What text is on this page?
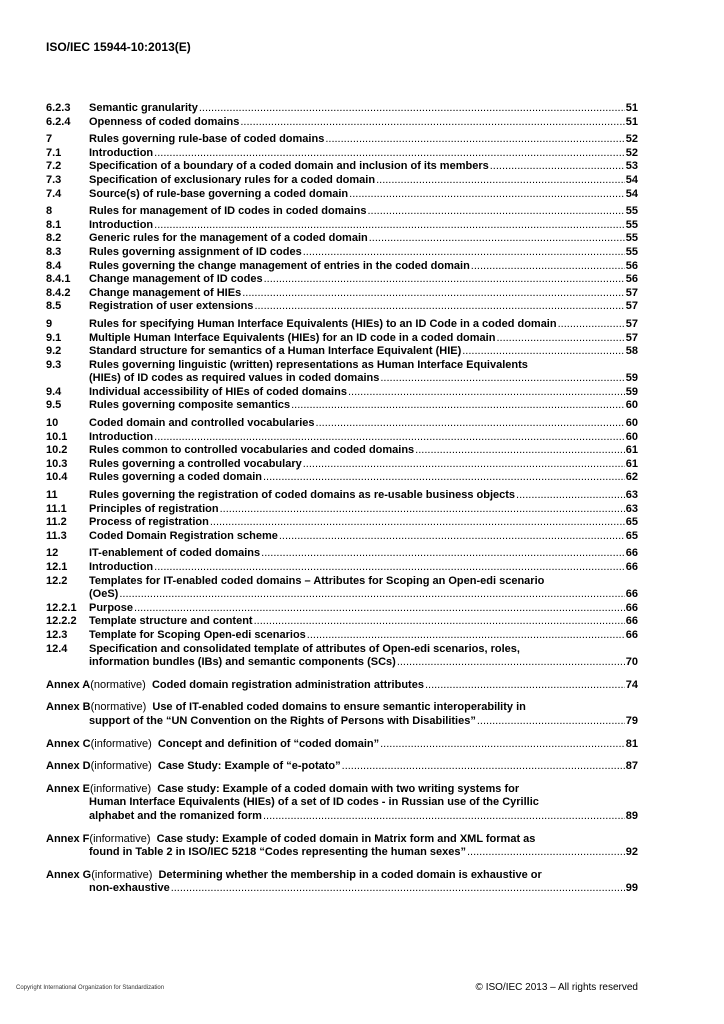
ISO/IEC 15944-10:2013(E)
6.2.3	Semantic granularity .....	51
6.2.4	Openness of coded domains .....	51
7	Rules governing rule-base of coded domains .....	52
7.1	Introduction .....	52
7.2	Specification of a boundary of a coded domain and inclusion of its members .....	53
7.3	Specification of exclusionary rules for a coded domain .....	54
7.4	Source(s) of rule-base governing a coded domain .....	54
8	Rules for management of ID codes in coded domains .....	55
8.1	Introduction .....	55
8.2	Generic rules for the management of a coded domain .....	55
8.3	Rules governing assignment of ID codes .....	55
8.4	Rules governing the change management of entries in the coded domain .....	56
8.4.1	Change management of ID codes .....	56
8.4.2	Change management of HIEs .....	57
8.5	Registration of user extensions .....	57
9	Rules for specifying Human Interface Equivalents (HIEs) to an ID Code in a coded domain .....	57
9.1	Multiple Human Interface Equivalents (HIEs) for an ID code in a coded domain .....	57
9.2	Standard structure for semantics of a Human Interface Equivalent (HIE) .....	58
9.3	Rules governing linguistic (written) representations as Human Interface Equivalents
(HIEs) of ID codes as required values in coded domains .....	59
9.4	Individual accessibility of HIEs of coded domains .....	59
9.5	Rules governing composite semantics .....	60
10	Coded domain and controlled vocabularies .....	60
10.1	Introduction .....	60
10.2	Rules common to controlled vocabularies and coded domains .....	61
10.3	Rules governing a controlled vocabulary .....	61
10.4	Rules governing a coded domain .....	62
11	Rules governing the registration of coded domains as re-usable business objects .....	63
11.1	Principles of registration .....	63
11.2	Process of registration .....	65
11.3	Coded Domain Registration scheme .....	65
12	IT-enablement of coded domains .....	66
12.1	Introduction .....	66
12.2	Templates for IT-enabled coded domains – Attributes for Scoping an Open-edi scenario
(OeS) .....	66
12.2.1	Purpose .....	66
12.2.2	Template structure and content .....	66
12.3	Template for Scoping Open-edi scenarios .....	66
12.4	Specification and consolidated template of attributes of Open-edi scenarios, roles,
information bundles (IBs) and semantic components (SCs) .....	70
Annex A (normative)
Coded domain registration administration attributes .....	74
Annex B (normative)
Use of IT-enabled coded domains to ensure semantic interoperability in
support of the “UN Convention on the Rights of Persons with Disabilities” .....	79
Annex C (informative)
Concept and definition of “coded domain” .....	81
Annex D (informative)
Case Study: Example of “e-potato” .....	87
Annex E (informative)
Case study: Example of a coded domain with two writing systems for
Human Interface Equivalents (HIEs) of a set of ID codes - in Russian use of the Cyrillic
alphabet and the romanized form .....	89
Annex F (informative)
Case study: Example of coded domain in Matrix form and XML format as
found in Table 2 in ISO/IEC 5218 “Codes representing the human sexes” .....	92
Annex G (informative)
Determining whether the membership in a coded domain is exhaustive or
non-exhaustive .....	99
Copyright International Organization for Standardization	© ISO/IEC 2013 – All rights reserved
